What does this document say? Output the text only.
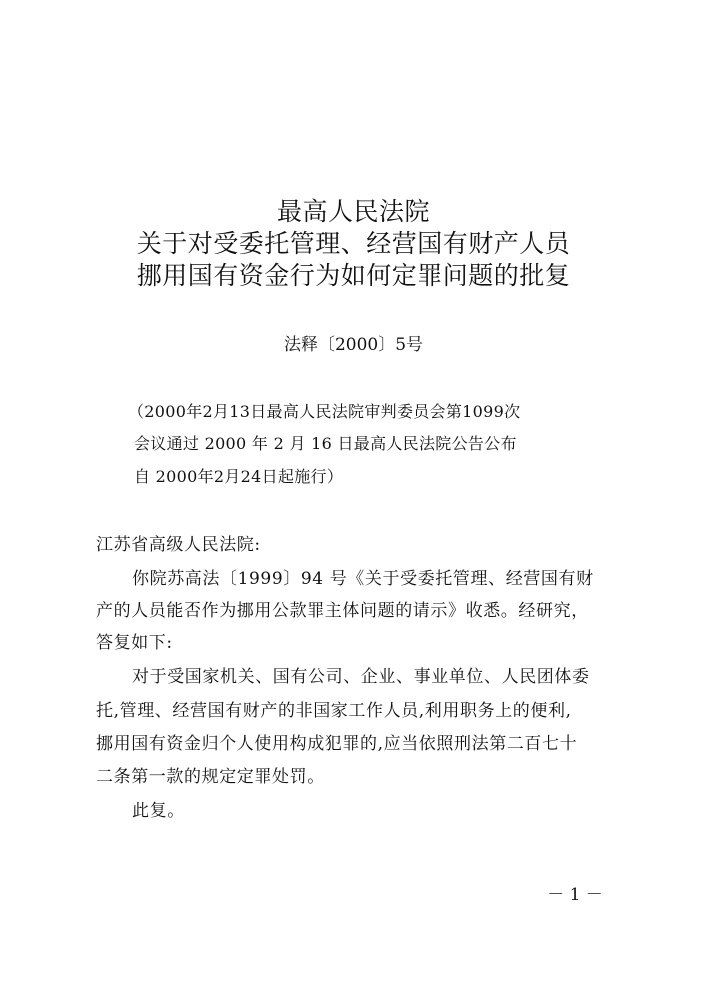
最高人民法院
关于对受委托管理、经营国有财产人员
挪用国有资金行为如何定罪问题的批复
法释〔2000〕5号
（2000年2月13日最高人民法院审判委员会第1099次
会议通过 2000 年 2 月 16 日最高人民法院公告公布
自 2000年2月24日起施行）
江苏省高级人民法院:
你院苏高法〔1999〕94 号《关于受委托管理、经营国有财
产的人员能否作为挪用公款罪主体问题的请示》收悉。经研究，
答复如下:
对于受国家机关、国有公司、企业、事业单位、人民团体委
托,管理、经营国有财产的非国家工作人员,利用职务上的便利,
挪用国有资金归个人使用构成犯罪的,应当依照刑法第二百七十
二条第一款的规定定罪处罚。
此复。
－ 1 －
